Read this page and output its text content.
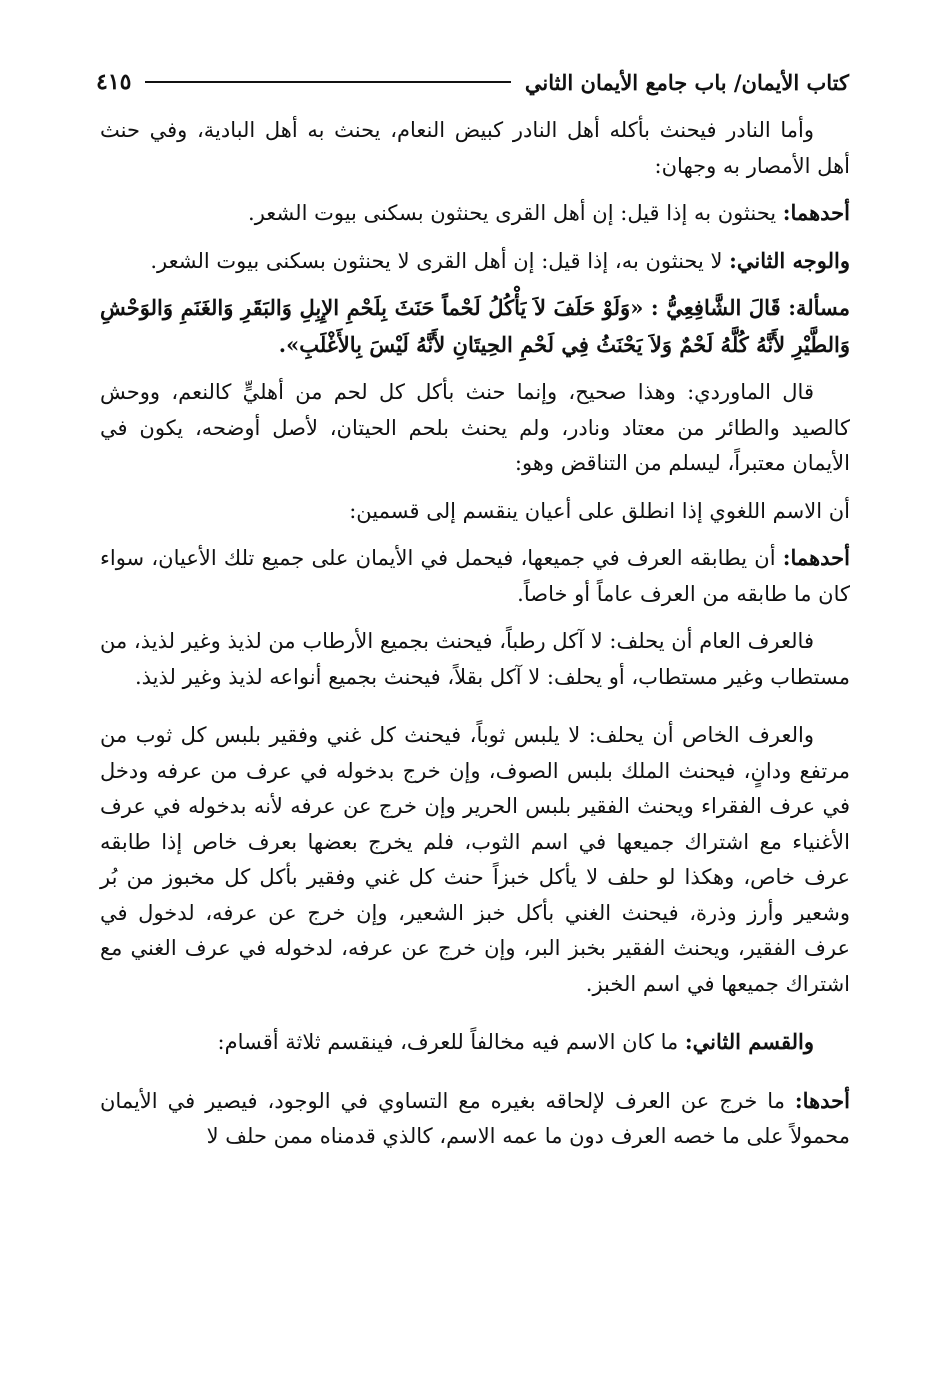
كتاب الأيمان/ باب جامع الأيمان الثاني
٤١٥

وأما النادر فيحنث بأكله أهل النادر كبيض النعام، يحنث به أهل البادية، وفي حنث أهل الأمصار به وجهان:

أحدهما: يحنثون به إذا قيل: إن أهل القرى يحنثون بسكنى بيوت الشعر.

والوجه الثاني: لا يحنثون به، إذا قيل: إن أهل القرى لا يحنثون بسكنى بيوت الشعر.

مسألة: قَالَ الشَّافِعِيُّ : «وَلَوْ حَلَفَ لاَ يَأْكُلُ لَحْماً حَنَثَ بِلَحْمِ الإِبِلِ وَالبَقَرِ وَالغَنَمِ وَالوَحْشِ وَالطَّيْرِ لأَنَّهُ كُلَّهُ لَحْمٌ وَلاَ يَحْنَثُ فِي لَحْمِ الحِيتَانِ لأَنَّهُ لَيْسَ بِالأَغْلَبِ».

قال الماوردي: وهذا صحيح، وإنما حنث بأكل كل لحم من أهليٍّ كالنعم، ووحش كالصيد والطائر من معتاد ونادر، ولم يحنث بلحم الحيتان، لأصل أوضحه، يكون في الأيمان معتبراً، ليسلم من التناقض وهو:

أن الاسم اللغوي إذا انطلق على أعيان ينقسم إلى قسمين:

أحدهما: أن يطابقه العرف في جميعها، فيحمل في الأيمان على جميع تلك الأعيان، سواء كان ما طابقه من العرف عاماً أو خاصاً.

فالعرف العام أن يحلف: لا آكل رطباً، فيحنث بجميع الأرطاب من لذيذ وغير لذيذ، من مستطاب وغير مستطاب، أو يحلف: لا آكل بقلاً، فيحنث بجميع أنواعه لذيذ وغير لذيذ.

والعرف الخاص أن يحلف: لا يلبس ثوباً، فيحنث كل غني وفقير بلبس كل ثوب من مرتفع ودانٍ، فيحنث الملك بلبس الصوف، وإن خرج بدخوله في عرف من عرفه ودخل في عرف الفقراء ويحنث الفقير بلبس الحرير وإن خرج عن عرفه لأنه بدخوله في عرف الأغنياء مع اشتراك جميعها في اسم الثوب، فلم يخرج بعضها بعرف خاص إذا طابقه عرف خاص، وهكذا لو حلف لا يأكل خبزاً حنث كل غني وفقير بأكل كل مخبوز من بُر وشعير وأرز وذرة، فيحنث الغني بأكل خبز الشعير، وإن خرج عن عرفه، لدخول في عرف الفقير، ويحنث الفقير بخبز البر، وإن خرج عن عرفه، لدخوله في عرف الغني مع اشتراك جميعها في اسم الخبز.

والقسم الثاني: ما كان الاسم فيه مخالفاً للعرف، فينقسم ثلاثة أقسام:

أحدها: ما خرج عن العرف لإلحاقه بغيره مع التساوي في الوجود، فيصير في الأيمان محمولاً على ما خصه العرف دون ما عمه الاسم، كالذي قدمناه ممن حلف لا
